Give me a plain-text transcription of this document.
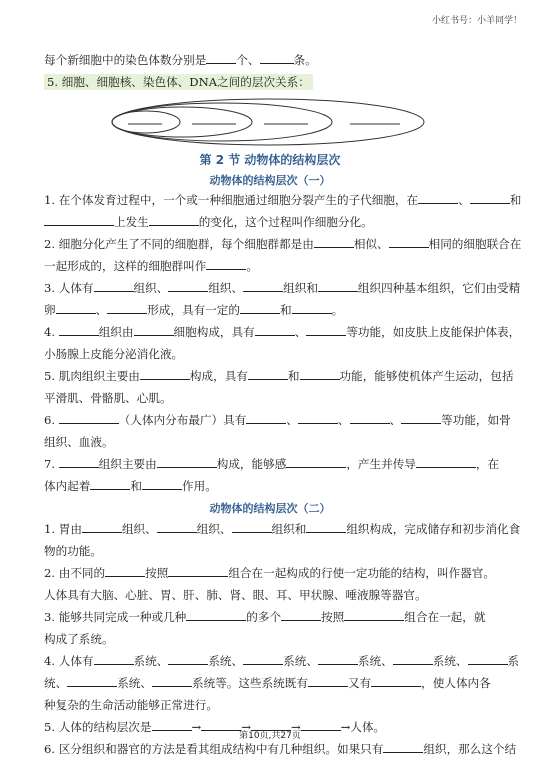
小红书号：小羊同学！
每个新细胞中的染色体数分别是	个、	条。
5. 细胞、细胞核、染色体、DNA之间的层次关系：
第 2 节 动物体的结构层次
动物体的结构层次（一）
1. 在个体发育过程中，一个或一种细胞通过细胞分裂产生的子代细胞，在	、	和
上发生	的变化，这个过程叫作细胞分化。
2. 细胞分化产生了不同的细胞群，每个细胞群都是由	相似、	相同的细胞联合在
一起形成的，这样的细胞群叫作	。
3. 人体有	组织、	组织、	组织和	组织四种基本组织，它们由受精
卵	、	形成，具有一定的	和	。
4.	组织由	细胞构成，具有	、	等功能，如皮肤上皮能保护体表，
小肠腺上皮能分泌消化液。
5. 肌肉组织主要由	构成，具有	和	功能，能够使机体产生运动，包括
平滑肌、骨骼肌、心肌。
6.	（人体内分布最广）具有	、	、	、	等功能，如骨
组织、血液。
7.	组织主要由	构成，能够感	，产生并传导	，在
体内起着	和	作用。
动物体的结构层次（二）
1. 胃由	组织、	组织、	组织和	组织构成，完成储存和初步消化食
物的功能。
2. 由不同的	按照	组合在一起构成的行使一定功能的结构，叫作器官。
人体具有大脑、心脏、胃、肝、肺、肾、眼、耳、甲状腺、唾液腺等器官。
3. 能够共同完成一种或几种	的多个	按照	组合在一起，就
构成了系统。
4. 人体有	系统、	系统、	系统、	系统、	系统、	系
统、	系统、	系统等。这些系统既有	又有	，使人体内各
种复杂的生命活动能够正常进行。
5. 人体的结构层次是	→	→	→	→人体。
6. 区分组织和器官的方法是看其组成结构中有几种组织。如果只有	组织，那么这个结
第10页,共27页
